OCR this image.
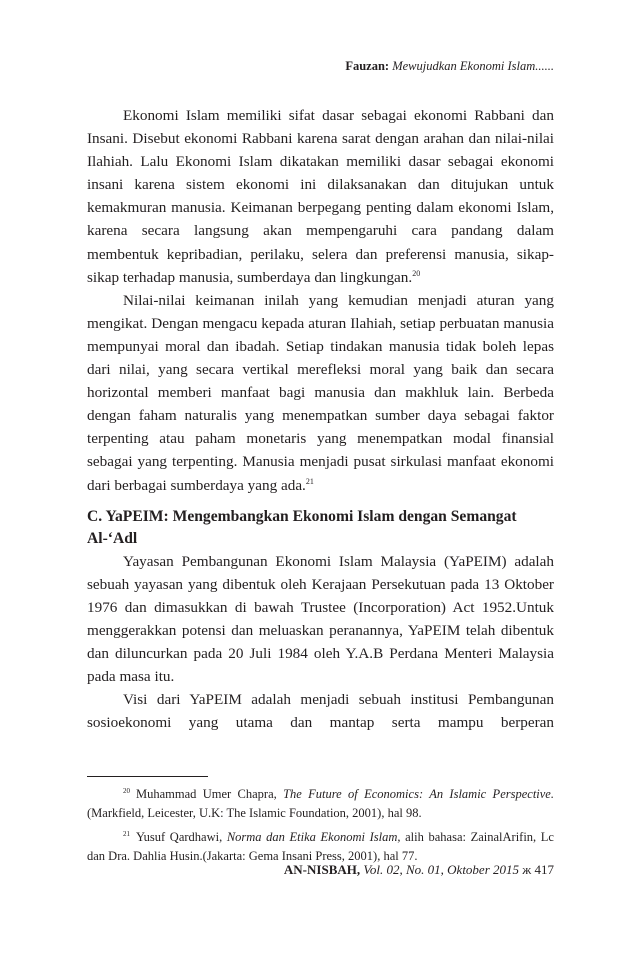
Fauzan: Mewujudkan Ekonomi Islam......

Ekonomi Islam memiliki sifat dasar sebagai ekonomi Rabbani dan Insani. Disebut ekonomi Rabbani karena sarat dengan arahan dan nilai-nilai Ilahiah. Lalu Ekonomi Islam dikatakan memiliki dasar sebagai ekonomi insani karena sistem ekonomi ini dilaksanakan dan ditujukan untuk kemakmuran manusia. Keimanan berpegang penting dalam ekonomi Islam, karena secara langsung akan mempengaruhi cara pandang dalam membentuk kepribadian, perilaku, selera dan preferensi manusia, sikap-sikap terhadap manusia, sumberdaya dan lingkungan.$^{20}$

Nilai-nilai keimanan inilah yang kemudian menjadi aturan yang mengikat. Dengan mengacu kepada aturan Ilahiah, setiap perbuatan manusia mempunyai moral dan ibadah. Setiap tindakan manusia tidak boleh lepas dari nilai, yang secara vertikal merefleksi moral yang baik dan secara horizontal memberi manfaat bagi manusia dan makhluk lain. Berbeda dengan faham naturalis yang menempatkan sumber daya sebagai faktor terpenting atau paham monetaris yang menempatkan modal finansial sebagai yang terpenting. Manusia menjadi pusat sirkulasi manfaat ekonomi dari berbagai sumberdaya yang ada.$^{21}$

C. YaPEIM: Mengembangkan Ekonomi Islam dengan Semangat Al-‘Adl

Yayasan Pembangunan Ekonomi Islam Malaysia (YaPEIM) adalah sebuah yayasan yang dibentuk oleh Kerajaan Persekutuan pada 13 Oktober 1976 dan dimasukkan di bawah Trustee (Incorporation) Act 1952.Untuk menggerakkan potensi dan meluaskan peranannya, YaPEIM telah dibentuk dan diluncurkan pada 20 Juli 1984 oleh Y.A.B Perdana Menteri Malaysia pada masa itu.

Visi dari YaPEIM adalah menjadi sebuah institusi Pembangunan sosioekonomi yang utama dan mantap serta mampu berperan

$^{20}$ Muhammad Umer Chapra, The Future of Economics: An Islamic Perspective. (Markfield, Leicester, U.K: The Islamic Foundation, 2001), hal 98.

$^{21}$ Yusuf Qardhawi, Norma dan Etika Ekonomi Islam, alih bahasa: ZainalArifin, Lc dan Dra. Dahlia Husin.(Jakarta: Gema Insani Press, 2001), hal 77.

AN-NISBAH, Vol. 02, No. 01, Oktober 2015 ж 417
